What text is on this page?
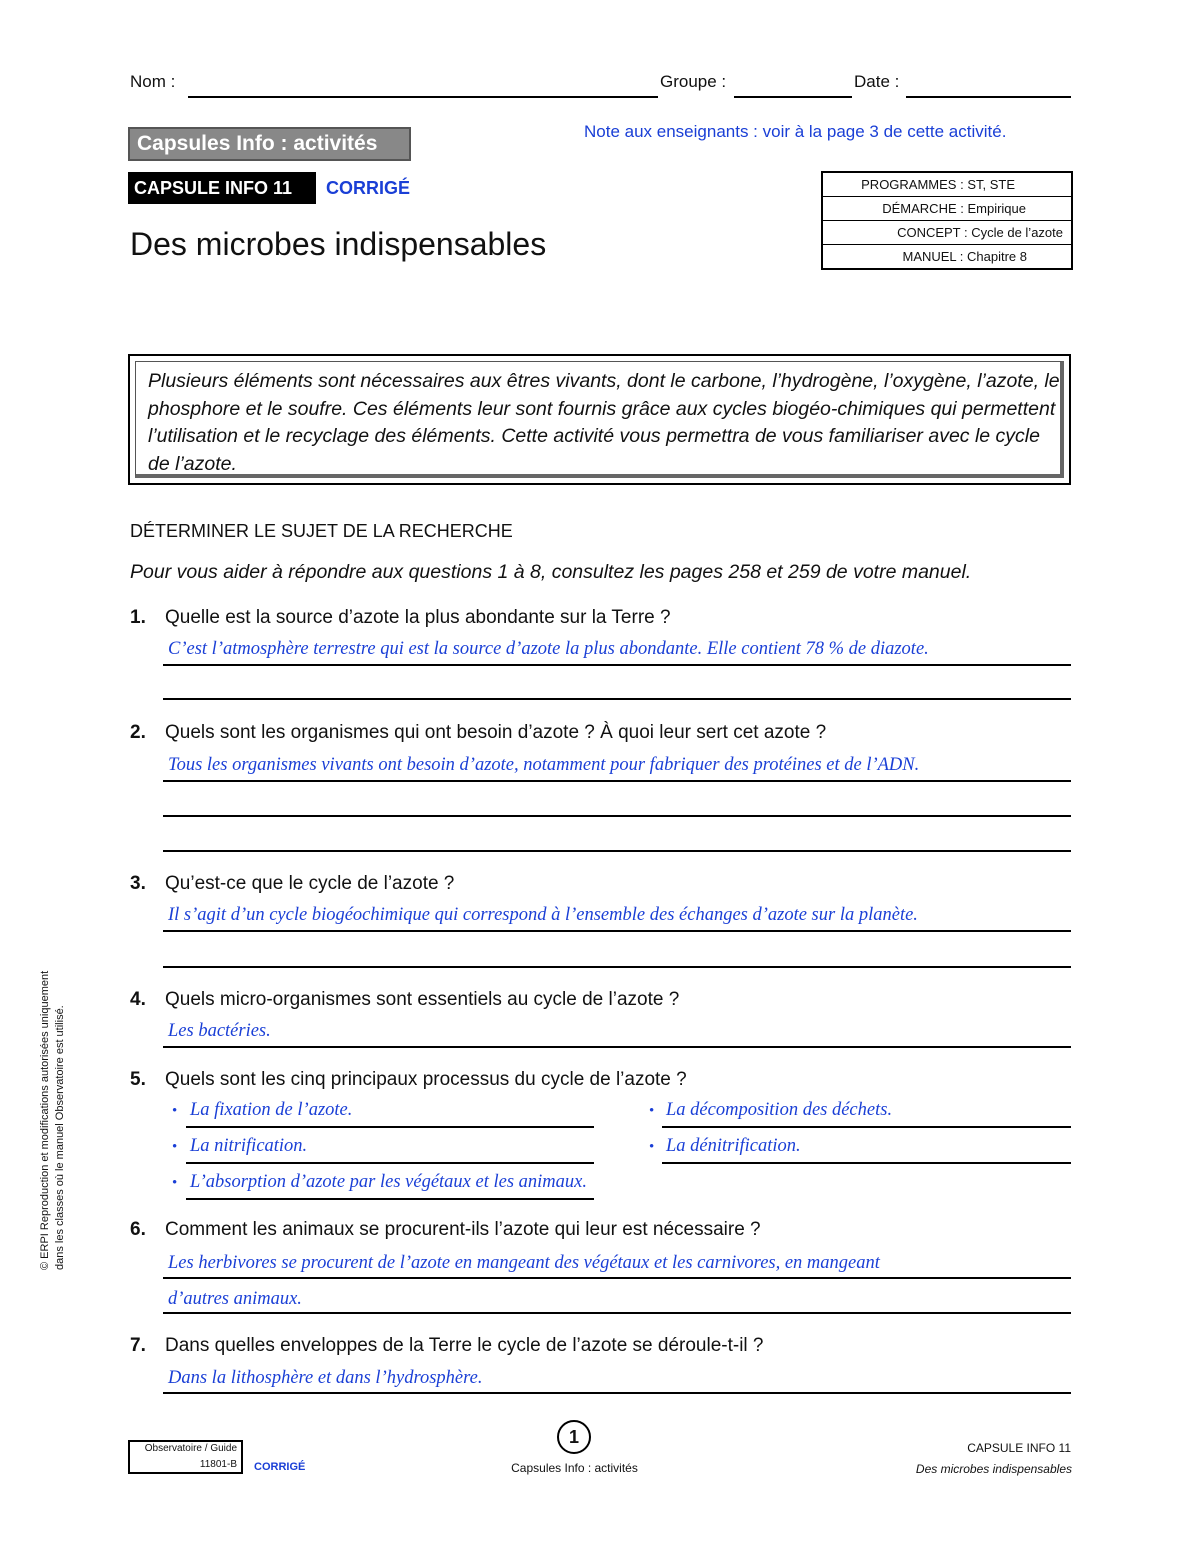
Nom :	Groupe :	Date :
Capsules Info : activités
Note aux enseignants : voir à la page 3 de cette activité.
CAPSULE INFO 11	CORRIGÉ	PROGRAMMES : ST, STE
DÉMARCHE : Empirique
CONCEPT : Cycle de l’azote
MANUEL : Chapitre 8
Des microbes indispensables
Plusieurs éléments sont nécessaires aux êtres vivants, dont le carbone, l’hydrogène, l’oxygène, l’azote, le phosphore et le soufre. Ces éléments leur sont fournis grâce aux cycles biogéo-chimiques qui permettent l’utilisation et le recyclage des éléments. Cette activité vous permettra de vous familiariser avec le cycle de l’azote.
DÉTERMINER LE SUJET DE LA RECHERCHE
Pour vous aider à répondre aux questions 1 à 8, consultez les pages 258 et 259 de votre manuel.
1. Quelle est la source d’azote la plus abondante sur la Terre ?
C’est l’atmosphère terrestre qui est la source d’azote la plus abondante. Elle contient 78 % de diazote.
2. Quels sont les organismes qui ont besoin d’azote ? À quoi leur sert cet azote ?
Tous les organismes vivants ont besoin d’azote, notamment pour fabriquer des protéines et de l’ADN.
3. Qu’est-ce que le cycle de l’azote ?
Il s’agit d’un cycle biogéochimique qui correspond à l’ensemble des échanges d’azote sur la planète.
4. Quels micro-organismes sont essentiels au cycle de l’azote ?
Les bactéries.
5. Quels sont les cinq principaux processus du cycle de l’azote ?
• La fixation de l’azote.	• La décomposition des déchets.
• La nitrification.	• La dénitrification.
• L’absorption d’azote par les végétaux et les animaux.
6. Comment les animaux se procurent-ils l’azote qui leur est nécessaire ?
Les herbivores se procurent de l’azote en mangeant des végétaux et les carnivores, en mangeant
d’autres animaux.
7. Dans quelles enveloppes de la Terre le cycle de l’azote se déroule-t-il ?
Dans la lithosphère et dans l’hydrosphère.
© ERPI Reproduction et modifications autorisées uniquement dans les classes où le manuel Observatoire est utilisé.
Observatoire / Guide
11801-B CORRIGÉ
1
Capsules Info : activités
CAPSULE INFO 11
Des microbes indispensables
